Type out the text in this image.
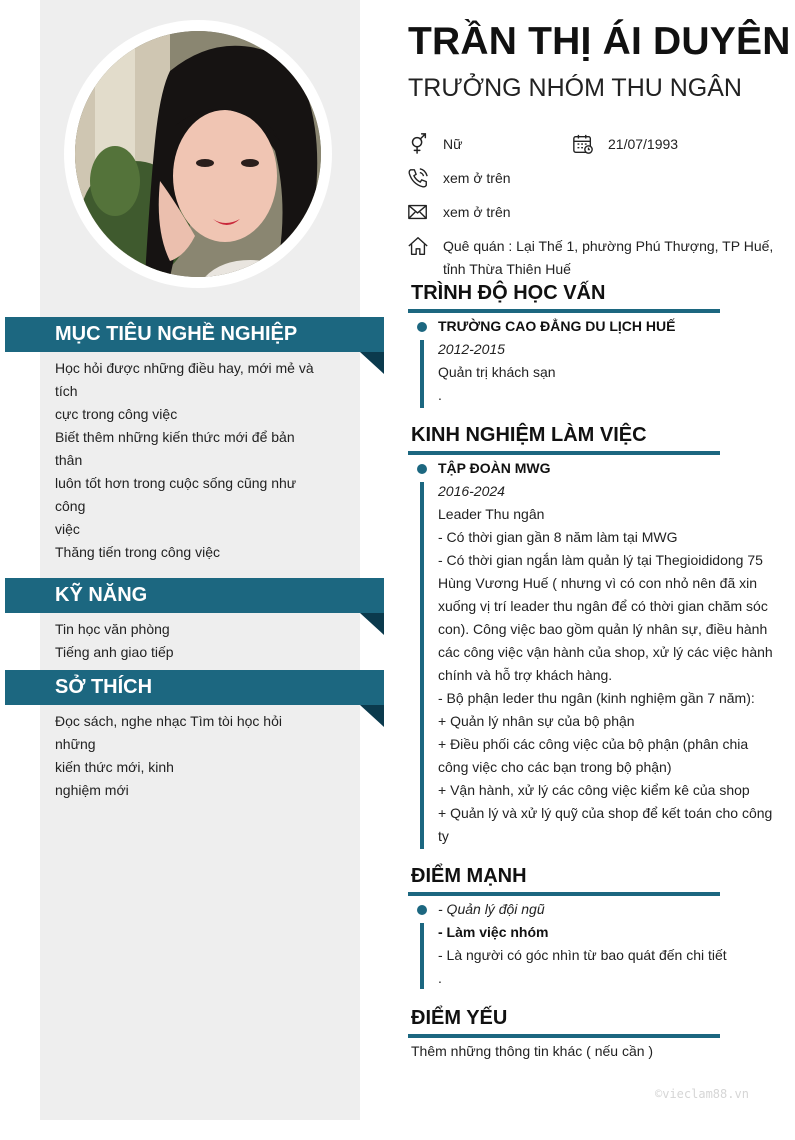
MỤC TIÊU NGHỀ NGHIỆP
Học hỏi được những điều hay, mới mẻ và
tích
cực trong công việc
Biết thêm những kiến thức mới để bản
thân
luôn tốt hơn trong cuộc sống cũng như
công
việc
Thăng tiến trong công việc
KỸ NĂNG
Tin học văn phòng
Tiếng anh giao tiếp
SỞ THÍCH
Đọc sách, nghe nhạc Tìm tòi học hỏi
những
kiến thức mới, kinh
nghiệm mới
TRẦN THỊ ÁI DUYÊN
TRƯỞNG NHÓM THU NGÂN
Nữ	21/07/1993
xem ở trên
xem ở trên
Quê quán : Lại Thế 1, phường Phú Thượng, TP Huế,
tỉnh Thừa Thiên Huế
TRÌNH ĐỘ HỌC VẤN
TRƯỜNG CAO ĐẲNG DU LỊCH HUẾ
2012-2015
Quản trị khách sạn
.
KINH NGHIỆM LÀM VIỆC
TẬP ĐOÀN MWG
2016-2024
Leader Thu ngân
- Có thời gian gần 8 năm làm tại MWG
- Có thời gian ngắn làm quản lý tại Thegioididong 75
Hùng Vương Huế ( nhưng vì có con nhỏ nên đã xin
xuống vị trí leader thu ngân để có thời gian chăm sóc
con). Công việc bao gồm quản lý nhân sự, điều hành
các công việc vận hành của shop, xử lý các việc hành
chính và hỗ trợ khách hàng.
- Bộ phận leder thu ngân (kinh nghiệm gần 7 năm):
+ Quản lý nhân sự của bộ phận
+ Điều phối các công việc của bộ phận (phân chia
công việc cho các bạn trong bộ phận)
+ Vận hành, xử lý các công việc kiểm kê của shop
+ Quản lý và xử lý quỹ của shop để kết toán cho công
ty
ĐIỂM MẠNH
- Quản lý đội ngũ
- Làm việc nhóm
- Là người có góc nhìn từ bao quát đến chi tiết
.
ĐIỂM YẾU
Thêm những thông tin khác ( nếu cần )
©vieclam88.vn
